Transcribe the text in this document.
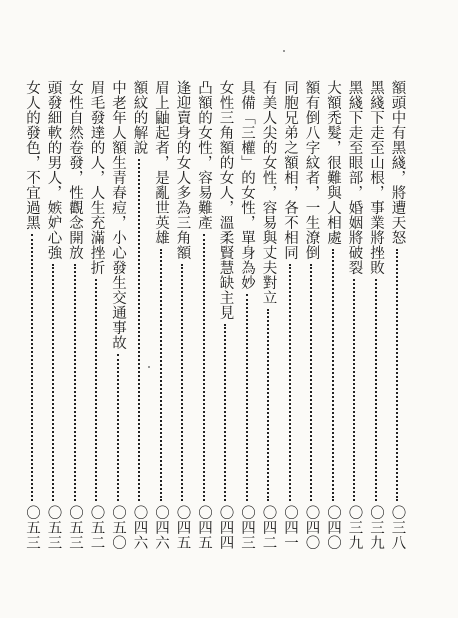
額頭中有黑綫，將遭天怒
〇三八
黑綫下走至山根，事業將挫敗
〇三九
黑綫下走至眼部，婚姻將破裂
〇三九
大額禿髮，很難與人相處
〇四〇
額有倒八字紋者，一生潦倒
〇四〇
同胞兄弟之額相，各不相同
〇四一
有美人尖的女性，容易與丈夫對立
〇四二
具備「三權」的女性，單身為妙
〇四三
女性三角額的女人，溫柔賢慧缺主見
〇四四
凸額的女性，容易難產
〇四五
逢迎賣身的女人多為三角額
〇四五
眉上鼬起者，是亂世英雄
〇四六
額紋的解說
〇四六
中老年人額生青春痘，小心發生交通事故
〇五〇
眉毛發達的人，人生充滿挫折
〇五二
女性自然卷發，性觀念開放
〇五三
頭發細軟的男人，嫉妒心強
〇五三
女人的發色，不宜過黑
〇五三
